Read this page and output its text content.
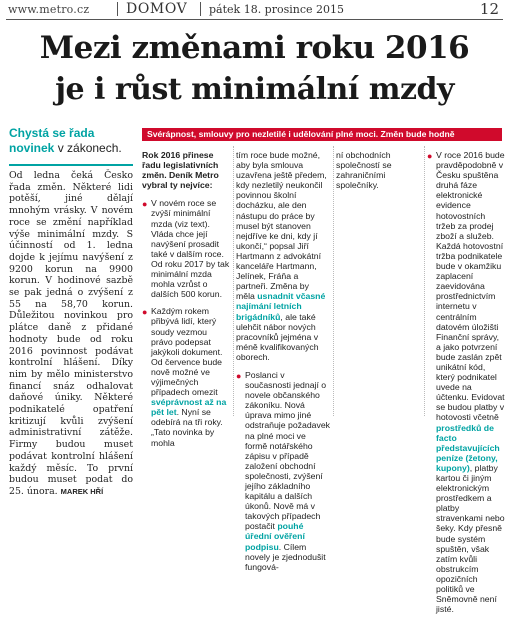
www.metro.cz	DOMOV pátek 18. prosince 2015	12
Mezi změnami roku 2016
je i růst minimální mzdy
Chystá se řada novinek v zákonech.

Od ledna čeká Česko řada změn. Některé lidi potěší, jiné dělají mnohým vrásky. V novém roce se změní například výše minimální mzdy. S účinností od 1. ledna dojde k jejímu navýšení z 9200 korun na 9900 korun. V hodinové sazbě se pak jedná o zvýšení z 55 na 58,70 korun. Důležitou novinkou pro plátce daně z přidané hodnoty bude od roku 2016 povinnost podávat kontrolní hlášení. Díky nim by mělo ministerstvo financí snáz odhalovat daňové úniky. Některé podnikatelé opatření kritizují kvůli zvýšení administrativní zátěže. Firmy budou muset podávat kontrolní hlášení každý měsíc. To první budou muset podat do 25. února. MAREK HŘÍ

Svérápnost, smlouvy pro nezletilé i udělování plné moci. Změn bude hodně

Rok 2016 přinese řadu legislativních změn. Deník Metro vybral ty nejvíce:

● V novém roce se zvýší minimální mzda (viz text). Vláda chce její navýšení prosadit také v dalším roce. Od roku 2017 by tak minimální mzda mohla vzrůst o dalších 500 korun.

● Každým rokem přibývá lidí, který soudy vezmou právo podepsat jakýkoli dokument. Od července bude nově možné ve výjimečných případech omezit svéprávnost až na pět let. Nyní se odebírá na tři roky. „Tato novinka by mohla

tím roce bude možné, aby byla smlouva uzavřena ještě předem, kdy nezletilý neukončil povinnou školní docházku, ale den nástupu do práce by musel být stanoven nejdříve ke dni, kdy jí ukončí,“ popsal Jiří Hartmann z advokátní kanceláře Hartmann, Jelínek, Fráňa a partneři. Změna by měla usnadnit včasné najímání letních brigádníků, ale také ulehčit nábor nových pracovníků jejména v méně kvalifikovaných oborech.

● Poslanci v současnosti jednají o novele občanského zákoníku. Nová úprava mimo jiné odstraňuje požadavek na plné moci ve formě notářského zápisu v případě založení obchodní společnosti, zvýšení jejího základního kapitálu a dalších úkonů. Nově má v takových případech postačit pouhé úřední ověření podpisu. Cílem novely je zjednodušit fungová-

ní obchodních společností se zahraničními společníky.

● V roce 2016 bude pravděpodobně v Česku spuštěna druhá fáze elektronické evidence hotovostních tržeb za prodej zboží a služeb. Každá hotovostní tržba podnikatele bude v okamžiku zaplacení zaevidována prostřednictvím internetu v centrálním datovém úložišti Finanční správy, a jako potvrzení bude zaslán zpět unikátní kód, který podnikatel uvede na účtenku. Evidovat se budou platby v hotovosti včetně prostředků de facto představujících peníze (žetony, kupony), platby kartou či jiným elektronickým prostředkem a platby stravenkami nebo šeky. Kdy přesně bude systém spuštěn, však zatím kvůli obstrukcím opozičních politiků ve Sněmovně není jisté.
